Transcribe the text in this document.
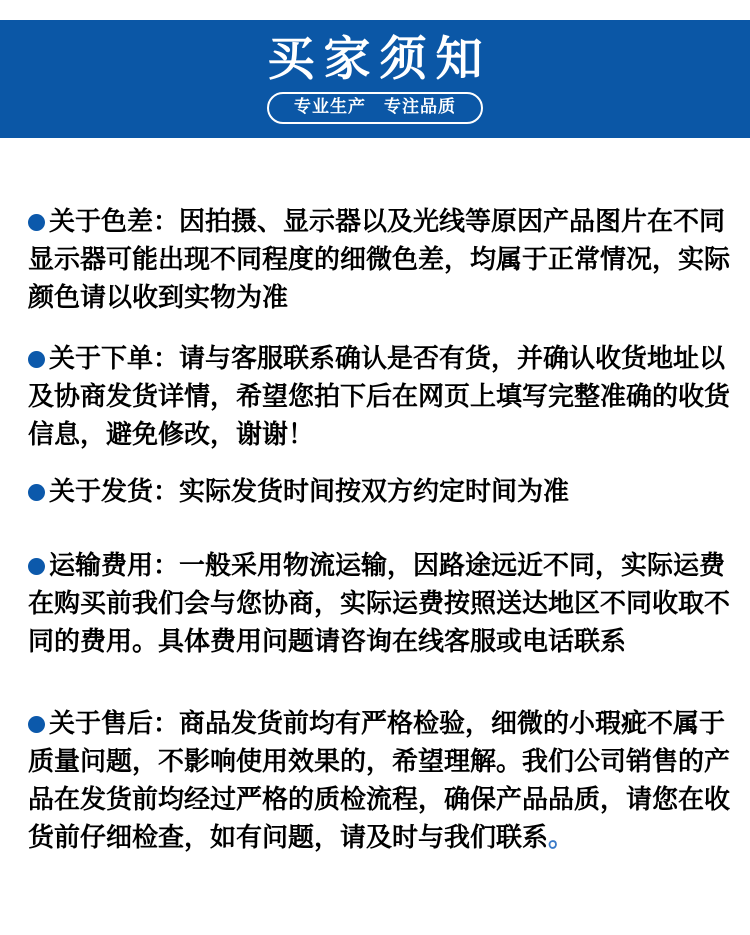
买家须知
专业生产　专注品质

关于色差：因拍摄、显示器以及光线等原因产品图片在不同
显示器可能出现不同程度的细微色差，均属于正常情况，实际
颜色请以收到实物为准

关于下单：请与客服联系确认是否有货，并确认收货地址以
及协商发货详情，希望您拍下后在网页上填写完整准确的收货
信息，避免修改，谢谢！

关于发货：实际发货时间按双方约定时间为准

运输费用：一般采用物流运输，因路途远近不同，实际运费
在购买前我们会与您协商，实际运费按照送达地区不同收取不
同的费用。具体费用问题请咨询在线客服或电话联系

关于售后：商品发货前均有严格检验，细微的小瑕疵不属于
质量问题，不影响使用效果的，希望理解。我们公司销售的产
品在发货前均经过严格的质检流程，确保产品品质，请您在收
货前仔细检查，如有问题，请及时与我们联系。
